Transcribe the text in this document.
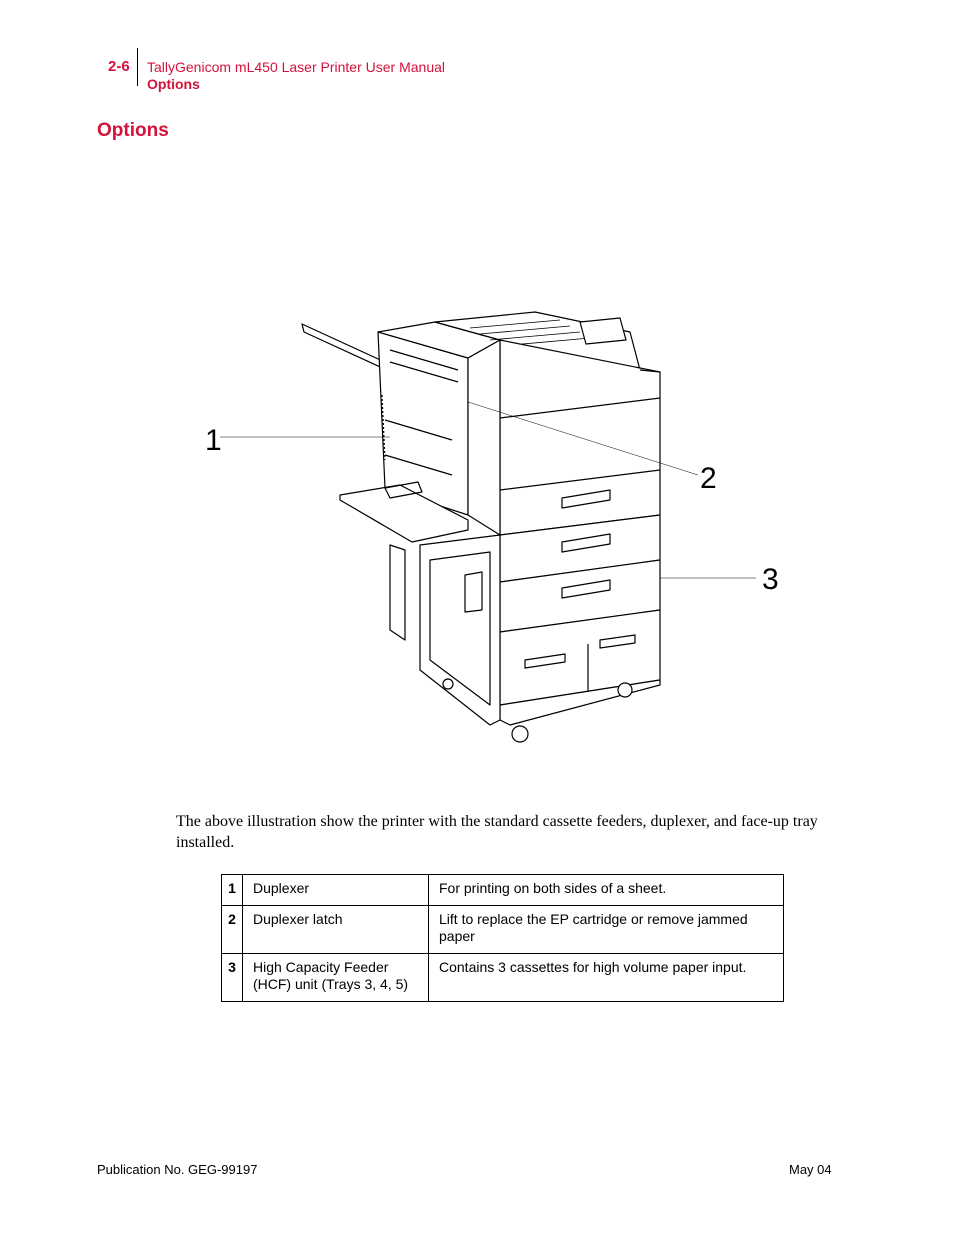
2-6 TallyGenicom mL450 Laser Printer User Manual
Options
Options
1
2
3

The above illustration show the printer with the standard cassette feeders, duplexer, and face-up tray installed.

1	Duplexer	For printing on both sides of a sheet.
2	Duplexer latch	Lift to replace the EP cartridge or remove jammed paper
3	High Capacity Feeder (HCF) unit (Trays 3, 4, 5)	Contains 3 cassettes for high volume paper input.
Publication No. GEG-99197	May 04
